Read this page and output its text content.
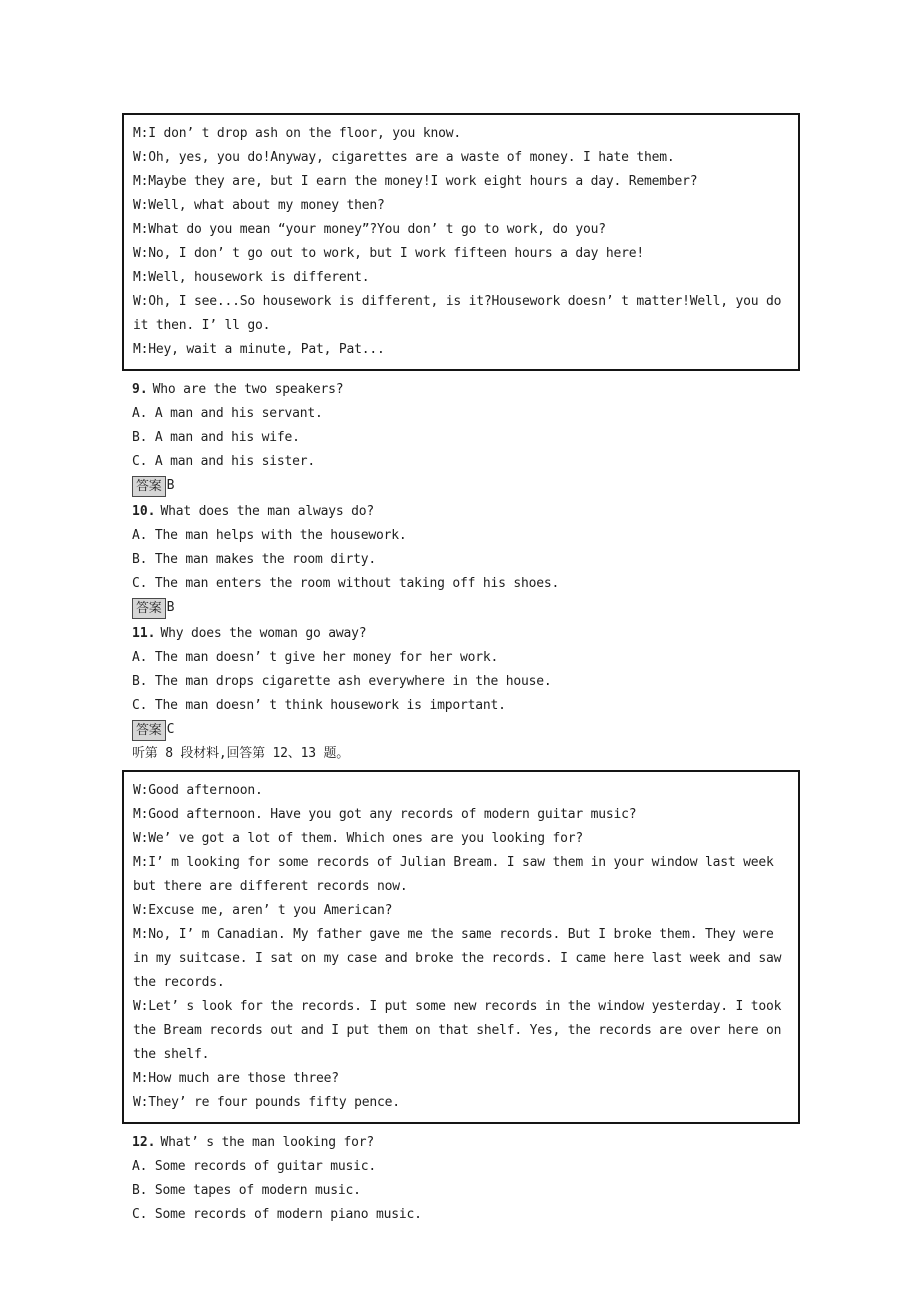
M:I don’ t drop ash on the floor, you know.

W:Oh, yes, you do!Anyway, cigarettes are a waste of money. I hate them.

M:Maybe they are, but I earn the money!I work eight hours a day. Remember?

W:Well, what about my money then?

M:What do you mean “your money”?You don’ t go to work, do you?

W:No, I don’ t go out to work, but I work fifteen hours a day here!

M:Well, housework is different.

W:Oh, I see...So housework is different, is it?Housework doesn’ t matter!Well, you do it then. I’ ll go.

M:Hey, wait a minute, Pat, Pat...

9. Who are the two speakers?

A. A man and his servant.

B. A man and his wife.

C. A man and his sister.

答案 B

10. What does the man always do?

A. The man helps with the housework.

B. The man makes the room dirty.

C. The man enters the room without taking off his shoes.

答案 B

11. Why does the woman go away?

A. The man doesn’ t give her money for her work.

B. The man drops cigarette ash everywhere in the house.

C. The man doesn’ t think housework is important.

答案 C

听第 8 段材料,回答第 12、13 题。

W:Good afternoon.

M:Good afternoon. Have you got any records of modern guitar music?

W:We’ ve got a lot of them. Which ones are you looking for?

M:I’ m looking for some records of Julian Bream. I saw them in your window last week but there are different records now.

W:Excuse me, aren’ t you American?

M:No, I’ m Canadian. My father gave me the same records. But I broke them. They were in my suitcase. I sat on my case and broke the records. I came here last week and saw the records.

W:Let’ s look for the records. I put some new records in the window yesterday. I took the Bream records out and I put them on that shelf. Yes, the records are over here on the shelf.

M:How much are those three?

W:They’ re four pounds fifty pence.

12. What’ s the man looking for?

A. Some records of guitar music.

B. Some tapes of modern music.

C. Some records of modern piano music.
